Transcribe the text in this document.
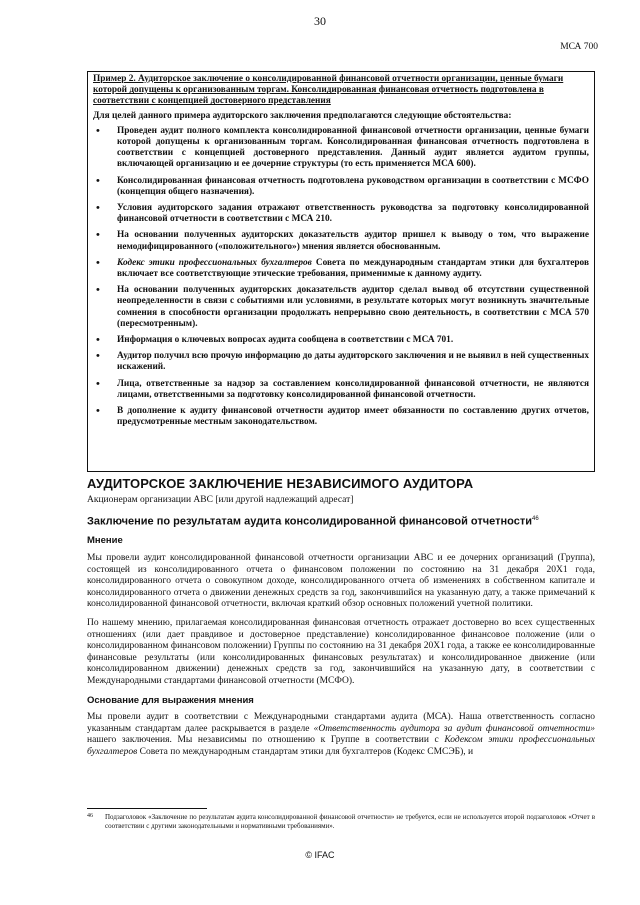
30
МСА 700
Пример 2. Аудиторское заключение о консолидированной финансовой отчетности организации, ценные бумаги которой допущены к организованным торгам. Консолидированная финансовая отчетность подготовлена в соответствии с концепцией достоверного представления
Для целей данного примера аудиторского заключения предполагаются следующие обстоятельства:
• Проведен аудит полного комплекта консолидированной финансовой отчетности организации, ценные бумаги которой допущены к организованным торгам. Консолидированная финансовая отчетность подготовлена в соответствии с концепцией достоверного представления. Данный аудит является аудитом группы, включающей организацию и ее дочерние структуры (то есть применяется МСА 600).
• Консолидированная финансовая отчетность подготовлена руководством организации в соответствии с МСФО (концепция общего назначения).
• Условия аудиторского задания отражают ответственность руководства за подготовку консолидированной финансовой отчетности в соответствии с МСА 210.
• На основании полученных аудиторских доказательств аудитор пришел к выводу о том, что выражение немодифицированного («положительного») мнения является обоснованным.
• Кодекс этики профессиональных бухгалтеров Совета по международным стандартам этики для бухгалтеров включает все соответствующие этические требования, применимые к данному аудиту.
• На основании полученных аудиторских доказательств аудитор сделал вывод об отсутствии существенной неопределенности в связи с событиями или условиями, в результате которых могут возникнуть значительные сомнения в способности организации продолжать непрерывно свою деятельность, в соответствии с МСА 570 (пересмотренным).
• Информация о ключевых вопросах аудита сообщена в соответствии с МСА 701.
• Аудитор получил всю прочую информацию до даты аудиторского заключения и не выявил в ней существенных искажений.
• Лица, ответственные за надзор за составлением консолидированной финансовой отчетности, не являются лицами, ответственными за подготовку консолидированной финансовой отчетности.
• В дополнение к аудиту финансовой отчетности аудитор имеет обязанности по составлению других отчетов, предусмотренные местным законодательством.
АУДИТОРСКОЕ ЗАКЛЮЧЕНИЕ НЕЗАВИСИМОГО АУДИТОРА
Акционерам организации АВС [или другой надлежащий адресат]
Заключение по результатам аудита консолидированной финансовой отчетности$^{46}$
Мнение
Мы провели аудит консолидированной финансовой отчетности организации АВС и ее дочерних организаций (Группа), состоящей из консолидированного отчета о финансовом положении по состоянию на 31 декабря 20Х1 года, консолидированного отчета о совокупном доходе, консолидированного отчета об изменениях в собственном капитале и консолидированного отчета о движении денежных средств за год, закончившийся на указанную дату, а также примечаний к консолидированной финансовой отчетности, включая краткий обзор основных положений учетной политики.
По нашему мнению, прилагаемая консолидированная финансовая отчетность отражает достоверно во всех существенных отношениях (или дает правдивое и достоверное представление) консолидированное финансовое положение (или о консолидированном финансовом положении) Группы по состоянию на 31 декабря 20Х1 года, а также ее консолидированные финансовые результаты (или консолидированных финансовых результатах) и консолидированное движение (или консолидированном движении) денежных средств за год, закончившийся на указанную дату, в соответствии с Международными стандартами финансовой отчетности (МСФО).
Основание для выражения мнения
Мы провели аудит в соответствии с Международными стандартами аудита (МСА). Наша ответственность согласно указанным стандартам далее раскрывается в разделе «Ответственность аудитора за аудит финансовой отчетности» нашего заключения. Мы независимы по отношению к Группе в соответствии с Кодексом этики профессиональных бухгалтеров Совета по международным стандартам этики для бухгалтеров (Кодекс СМСЭБ), и
46	Подзаголовок «Заключение по результатам аудита консолидированной финансовой отчетности» не требуется, если не используется второй подзаголовок «Отчет в соответствии с другими законодательными и нормативными требованиями».
© IFAC
